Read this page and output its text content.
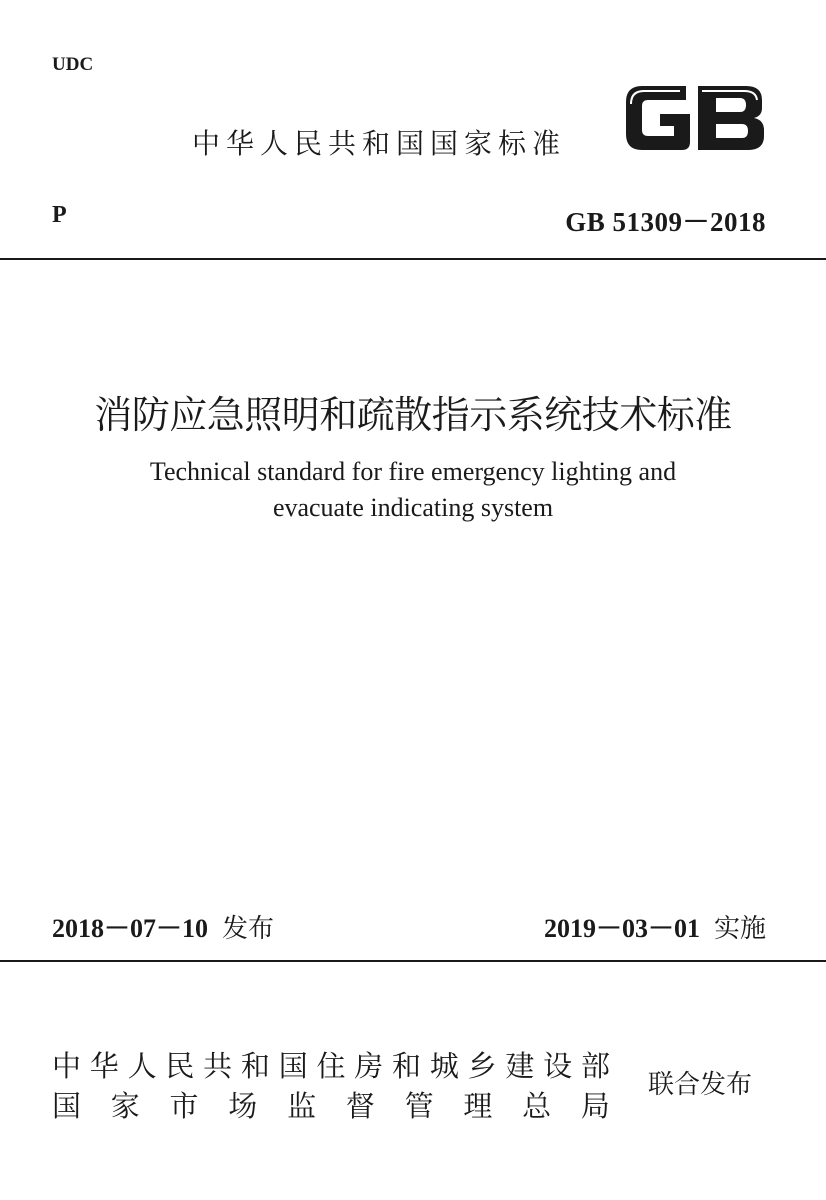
UDC
中华人民共和国国家标准
P	GB 51309－2018
消防应急照明和疏散指示系统技术标准
Technical standard for fire emergency lighting and
evacuate indicating system
2018－07－10 发布	2019－03－01 实施
中 华 人 民 共 和 国 住 房 和 城 乡 建 设 部
国 家 市 场 监 督 管 理 总 局
联合发布
